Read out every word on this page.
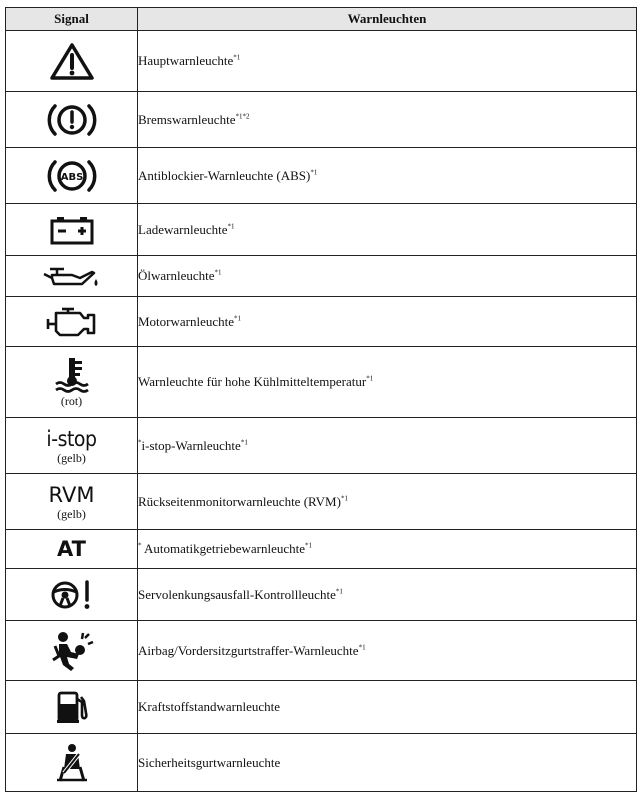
Signal	Warnleuchten

	Hauptwarnleuchte$^{*1}$

	Bremswarnleuchte$^{*1*2}$

ABS	Antiblockier-Warnleuchte (ABS)$^{*1}$

	Ladewarnleuchte$^{*1}$

	Ölwarnleuchte$^{*1}$

	Motorwarnleuchte$^{*1}$

(rot)	Warnleuchte für hohe Kühlmitteltemperatur$^{*1}$

i-stop
(gelb)	*i-stop-Warnleuchte$^{*1}$

RVM
(gelb)	Rückseitenmonitorwarnleuchte (RVM)$^{*1}$

AT	* Automatikgetriebewarnleuchte$^{*1}$

	Servolenkungsausfall-Kontrollleuchte$^{*1}$

	Airbag/Vordersitzgurtstraffer-Warnleuchte$^{*1}$

	Kraftstoffstandwarnleuchte

	Sicherheitsgurtwarnleuchte
